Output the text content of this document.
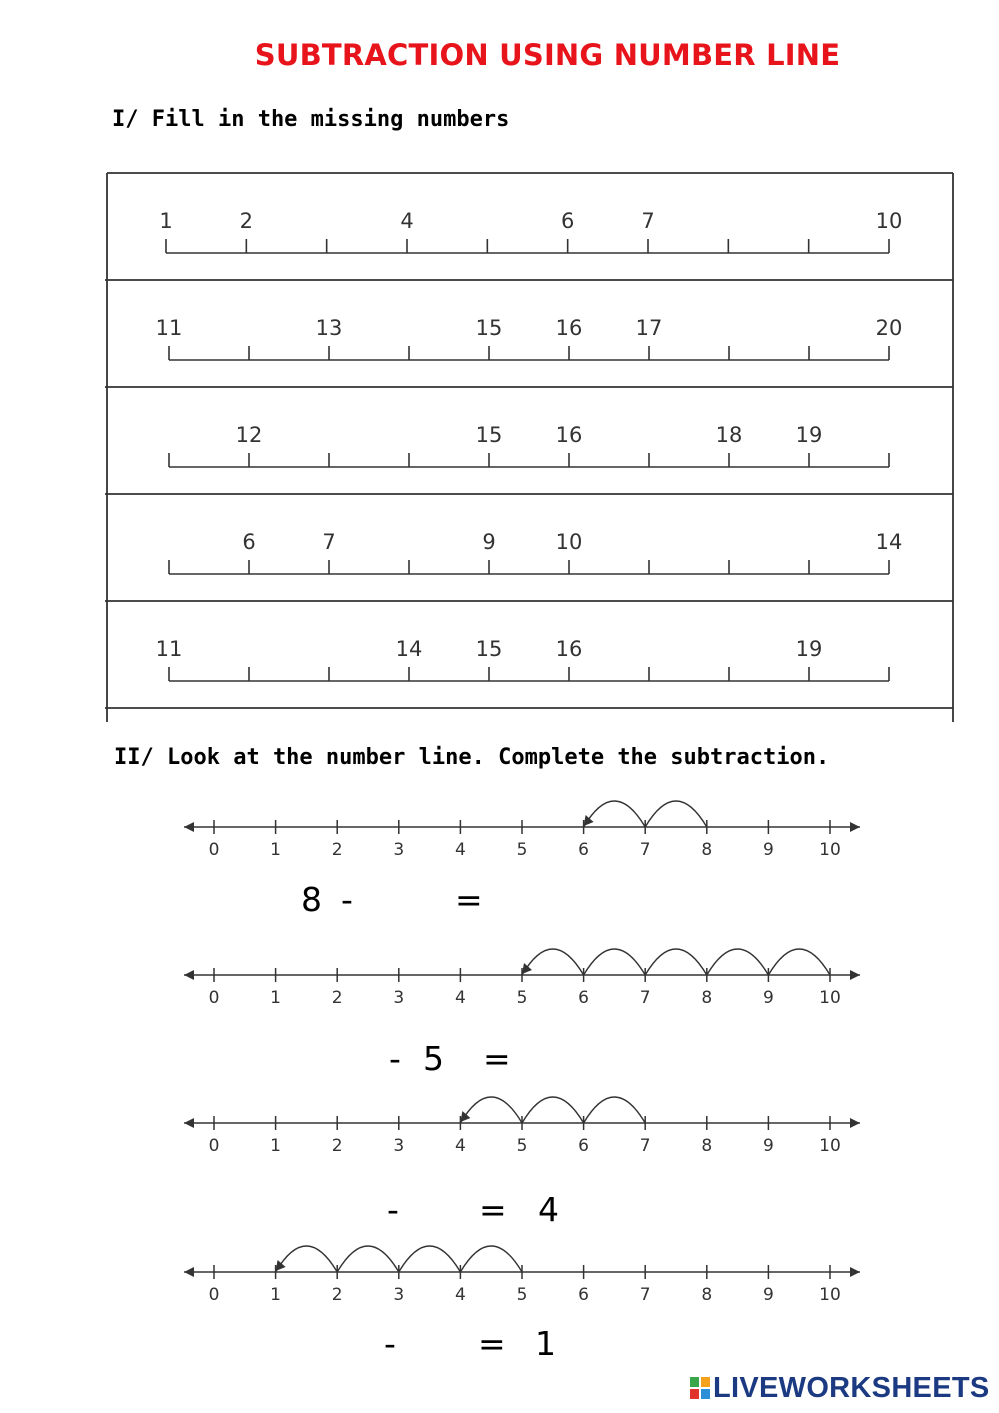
SUBTRACTION USING NUMBER LINE
I/ Fill in the missing numbers
1	2	4	6	7	10
11	13	15	16	17	20
12	15	16	18	19
6	7	9	10	14
11	14	15	16	19
II/ Look at the number line. Complete the subtraction.
0	1	2	3	4	5	6	7	8	9	10
0	1	2	3	4	5	6	7	8	9	10
0	1	2	3	4	5	6	7	8	9	10
0	1	2	3	4	5	6	7	8	9	10
8 -	=
- 5 =
- = 4
- = 1
LIVEWORKSHEETS
